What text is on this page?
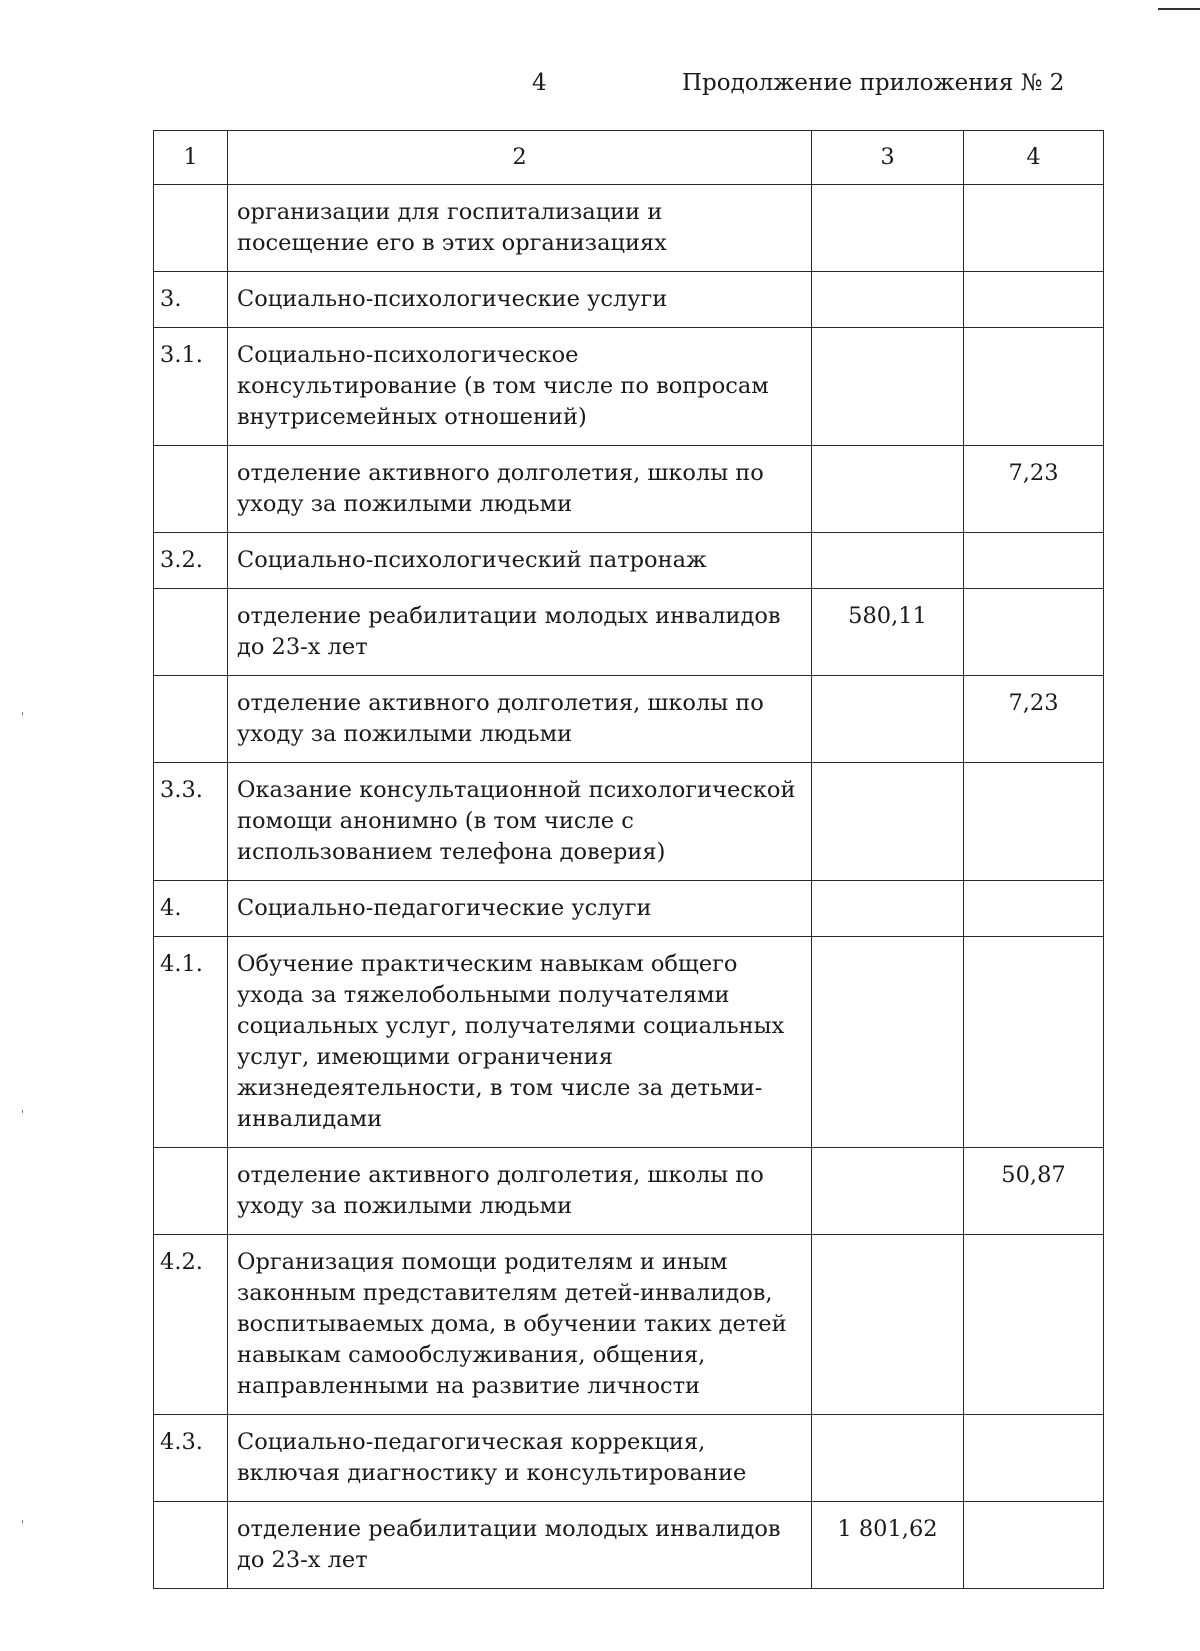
4	Продолжение приложения № 2
1	2	3	4
	организации для госпитализации и посещение его в этих организациях		
3.	Социально-психологические услуги		
3.1.	Социально-психологическое консультирование (в том числе по вопросам внутрисемейных отношений)		
	отделение активного долголетия, школы по уходу за пожилыми людьми		7,23
3.2.	Социально-психологический патронаж		
	отделение реабилитации молодых инвалидов до 23-х лет	580,11	
	отделение активного долголетия, школы по уходу за пожилыми людьми		7,23
3.3.	Оказание консультационной психологической помощи анонимно (в том числе с использованием телефона доверия)		
4.	Социально-педагогические услуги		
4.1.	Обучение практическим навыкам общего ухода за тяжелобольными получателями социальных услуг, получателями социальных услуг, имеющими ограничения жизнедеятельности, в том числе за детьми-инвалидами		
	отделение активного долголетия, школы по уходу за пожилыми людьми		50,87
4.2.	Организация помощи родителям и иным законным представителям детей-инвалидов, воспитываемых дома, в обучении таких детей навыкам самообслуживания, общения, направленными на развитие личности		
4.3.	Социально-педагогическая коррекция, включая диагностику и консультирование		
	отделение реабилитации молодых инвалидов до 23-х лет	1 801,62	
